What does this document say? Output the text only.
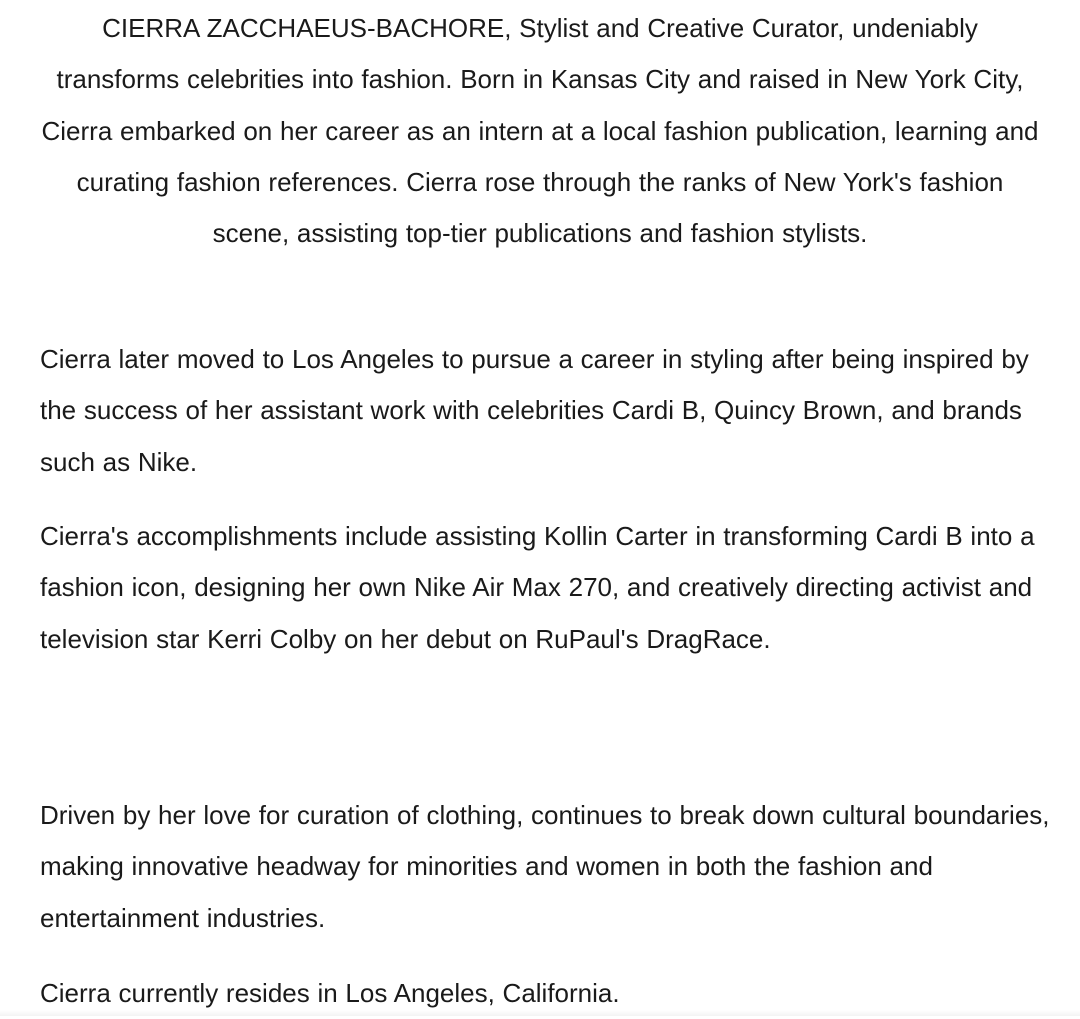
CIERRA ZACCHAEUS-BACHORE, Stylist and Creative Curator, undeniably transforms celebrities into fashion. Born in Kansas City and raised in New York City, Cierra embarked on her career as an intern at a local fashion publication, learning and curating fashion references. Cierra rose through the ranks of New York's fashion scene, assisting top-tier publications and fashion stylists.

Cierra later moved to Los Angeles to pursue a career in styling after being inspired by the success of her assistant work with celebrities Cardi B, Quincy Brown, and brands such as Nike.

Cierra's accomplishments include assisting Kollin Carter in transforming Cardi B into a fashion icon, designing her own Nike Air Max 270, and creatively directing activist and television star Kerri Colby on her debut on RuPaul's DragRace.

Driven by her love for curation of clothing, continues to break down cultural boundaries, making innovative headway for minorities and women in both the fashion and entertainment industries.

Cierra currently resides in Los Angeles, California.
